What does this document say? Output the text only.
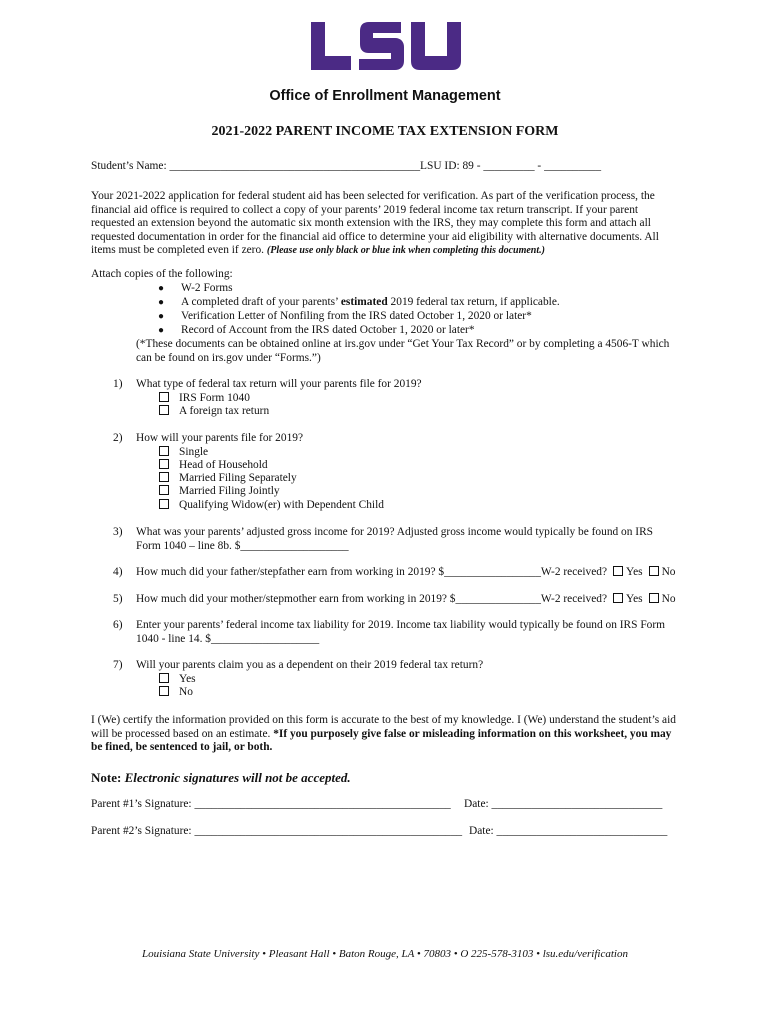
Office of Enrollment Management
2021-2022 PARENT INCOME TAX EXTENSION FORM
Student’s Name: ____________________________________________LSU ID: 89 - _________ - __________
Your 2021-2022 application for federal student aid has been selected for verification. As part of the verification process, the financial aid office is required to collect a copy of your parents’ 2019 federal income tax return transcript. If your parent requested an extension beyond the automatic six month extension with the IRS, they may complete this form and attach all requested documentation in order for the financial aid office to determine your aid eligibility with alternative documents. All items must be completed even if zero. (Please use only black or blue ink when completing this document.)
Attach copies of the following:
● W-2 Forms
● A completed draft of your parents’ estimated 2019 federal tax return, if applicable.
● Verification Letter of Nonfiling from the IRS dated October 1, 2020 or later*
● Record of Account from the IRS dated October 1, 2020 or later*
(*These documents can be obtained online at irs.gov under “Get Your Tax Record” or by completing a 4506-T which can be found on irs.gov under “Forms.”)
1) What type of federal tax return will your parents file for 2019?
IRS Form 1040
A foreign tax return
2) How will your parents file for 2019?
Single
Head of Household
Married Filing Separately
Married Filing Jointly
Qualifying Widow(er) with Dependent Child
3) What was your parents’ adjusted gross income for 2019? Adjusted gross income would typically be found on IRS Form 1040 – line 8b. $___________________
4) How much did your father/stepfather earn from working in 2019? $_________________W-2 received? Yes No
5) How much did your mother/stepmother earn from working in 2019? $_______________W-2 received? Yes No
6) Enter your parents’ federal income tax liability for 2019. Income tax liability would typically be found on IRS Form 1040 - line 14. $___________________
7) Will your parents claim you as a dependent on their 2019 federal tax return?
Yes
No
I (We) certify the information provided on this form is accurate to the best of my knowledge. I (We) understand the student’s aid will be processed based on an estimate. *If you purposely give false or misleading information on this worksheet, you may be fined, be sentenced to jail, or both.
Note: Electronic signatures will not be accepted.
Parent #1’s Signature: _____________________________________________ Date: ______________________________
Parent #2’s Signature: _______________________________________________ Date: ______________________________
Louisiana State University • Pleasant Hall • Baton Rouge, LA • 70803 • O 225-578-3103 • lsu.edu/verification
